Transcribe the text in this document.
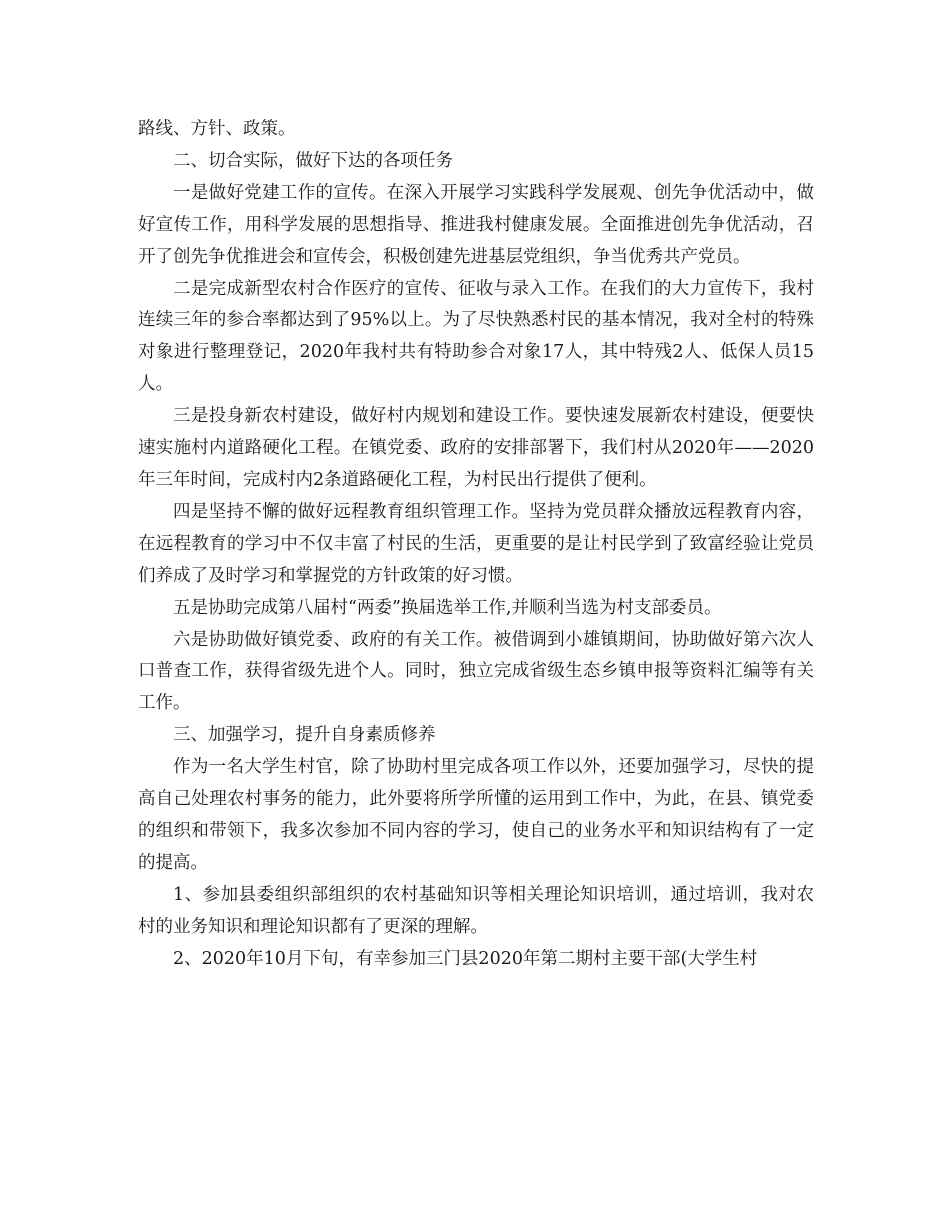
路线、方针、政策。

二、切合实际，做好下达的各项任务

一是做好党建工作的宣传。在深入开展学习实践科学发展观、创先争优活动中，做好宣传工作，用科学发展的思想指导、推进我村健康发展。全面推进创先争优活动，召开了创先争优推进会和宣传会，积极创建先进基层党组织，争当优秀共产党员。

二是完成新型农村合作医疗的宣传、征收与录入工作。在我们的大力宣传下，我村连续三年的参合率都达到了95%以上。为了尽快熟悉村民的基本情况，我对全村的特殊对象进行整理登记，2020年我村共有特助参合对象17人，其中特残2人、低保人员15人。

三是投身新农村建设，做好村内规划和建设工作。要快速发展新农村建设，便要快速实施村内道路硬化工程。在镇党委、政府的安排部署下，我们村从2020年——2020年三年时间，完成村内2条道路硬化工程，为村民出行提供了便利。

四是坚持不懈的做好远程教育组织管理工作。坚持为党员群众播放远程教育内容，在远程教育的学习中不仅丰富了村民的生活，更重要的是让村民学到了致富经验让党员们养成了及时学习和掌握党的方针政策的好习惯。

五是协助完成第八届村“两委”换届选举工作,并顺利当选为村支部委员。

六是协助做好镇党委、政府的有关工作。被借调到小雄镇期间，协助做好第六次人口普查工作，获得省级先进个人。同时，独立完成省级生态乡镇申报等资料汇编等有关工作。

三、加强学习，提升自身素质修养

作为一名大学生村官，除了协助村里完成各项工作以外，还要加强学习，尽快的提高自己处理农村事务的能力，此外要将所学所懂的运用到工作中，为此，在县、镇党委的组织和带领下，我多次参加不同内容的学习，使自己的业务水平和知识结构有了一定的提高。

1、参加县委组织部组织的农村基础知识等相关理论知识培训，通过培训，我对农村的业务知识和理论知识都有了更深的理解。

2、2020年10月下旬，有幸参加三门县2020年第二期村主要干部(大学生村
